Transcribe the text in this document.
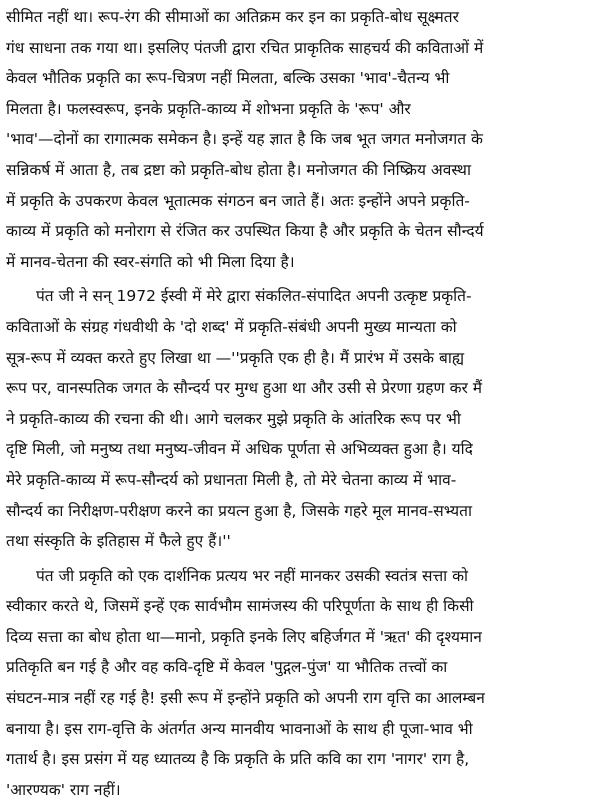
सीमित नहीं था। रूप-रंग की सीमाओं का अतिक्रम कर इन का प्रकृति-बोध सूक्ष्मतर
गंध साधना तक गया था। इसलिए पंतजी द्वारा रचित प्राकृतिक साहचर्य की कविताओं में
केवल भौतिक प्रकृति का रूप-चित्रण नहीं मिलता, बल्कि उसका 'भाव'-चैतन्य भी
मिलता है। फलस्वरूप, इनके प्रकृति-काव्य में शोभना प्रकृति के 'रूप' और
'भाव'—दोनों का रागात्मक समेकन है। इन्हें यह ज्ञात है कि जब भूत जगत मनोजगत के
सन्निकर्ष में आता है, तब द्रष्टा को प्रकृति-बोध होता है। मनोजगत की निष्क्रिय अवस्था
में प्रकृति के उपकरण केवल भूतात्मक संगठन बन जाते हैं। अतः इन्होंने अपने प्रकृति-
काव्य में प्रकृति को मनोराग से रंजित कर उपस्थित किया है और प्रकृति के चेतन सौन्दर्य
में मानव-चेतना की स्वर-संगति को भी मिला दिया है।

पंत जी ने सन् 1972 ईस्वी में मेरे द्वारा संकलित-संपादित अपनी उत्कृष्ट प्रकृति-
कविताओं के संग्रह गंधवीथी के 'दो शब्द' में प्रकृति-संबंधी अपनी मुख्य मान्यता को
सूत्र-रूप में व्यक्त करते हुए लिखा था —''प्रकृति एक ही है। मैं प्रारंभ में उसके बाह्य
रूप पर, वानस्पतिक जगत के सौन्दर्य पर मुग्ध हुआ था और उसी से प्रेरणा ग्रहण कर मैं
ने प्रकृति-काव्य की रचना की थी। आगे चलकर मुझे प्रकृति के आंतरिक रूप पर भी
दृष्टि मिली, जो मनुष्य तथा मनुष्य-जीवन में अधिक पूर्णता से अभिव्यक्त हुआ है। यदि
मेरे प्रकृति-काव्य में रूप-सौन्दर्य को प्रधानता मिली है, तो मेरे चेतना काव्य में भाव-
सौन्दर्य का निरीक्षण-परीक्षण करने का प्रयत्न हुआ है, जिसके गहरे मूल मानव-सभ्यता
तथा संस्कृति के इतिहास में फैले हुए हैं।''

पंत जी प्रकृति को एक दार्शनिक प्रत्यय भर नहीं मानकर उसकी स्वतंत्र सत्ता को
स्वीकार करते थे, जिसमें इन्हें एक सार्वभौम सामंजस्य की परिपूर्णता के साथ ही किसी
दिव्य सत्ता का बोध होता था—मानो, प्रकृति इनके लिए बहिर्जगत में 'ऋत' की दृश्यमान
प्रतिकृति बन गई है और वह कवि-दृष्टि में केवल 'पुद्गल-पुंज' या भौतिक तत्त्वों का
संघटन-मात्र नहीं रह गई है! इसी रूप में इन्होंने प्रकृति को अपनी राग वृत्ति का आलम्बन
बनाया है। इस राग-वृत्ति के अंतर्गत अन्य मानवीय भावनाओं के साथ ही पूजा-भाव भी
गतार्थ है। इस प्रसंग में यह ध्यातव्य है कि प्रकृति के प्रति कवि का राग 'नागर' राग है,
'आरण्यक' राग नहीं।
